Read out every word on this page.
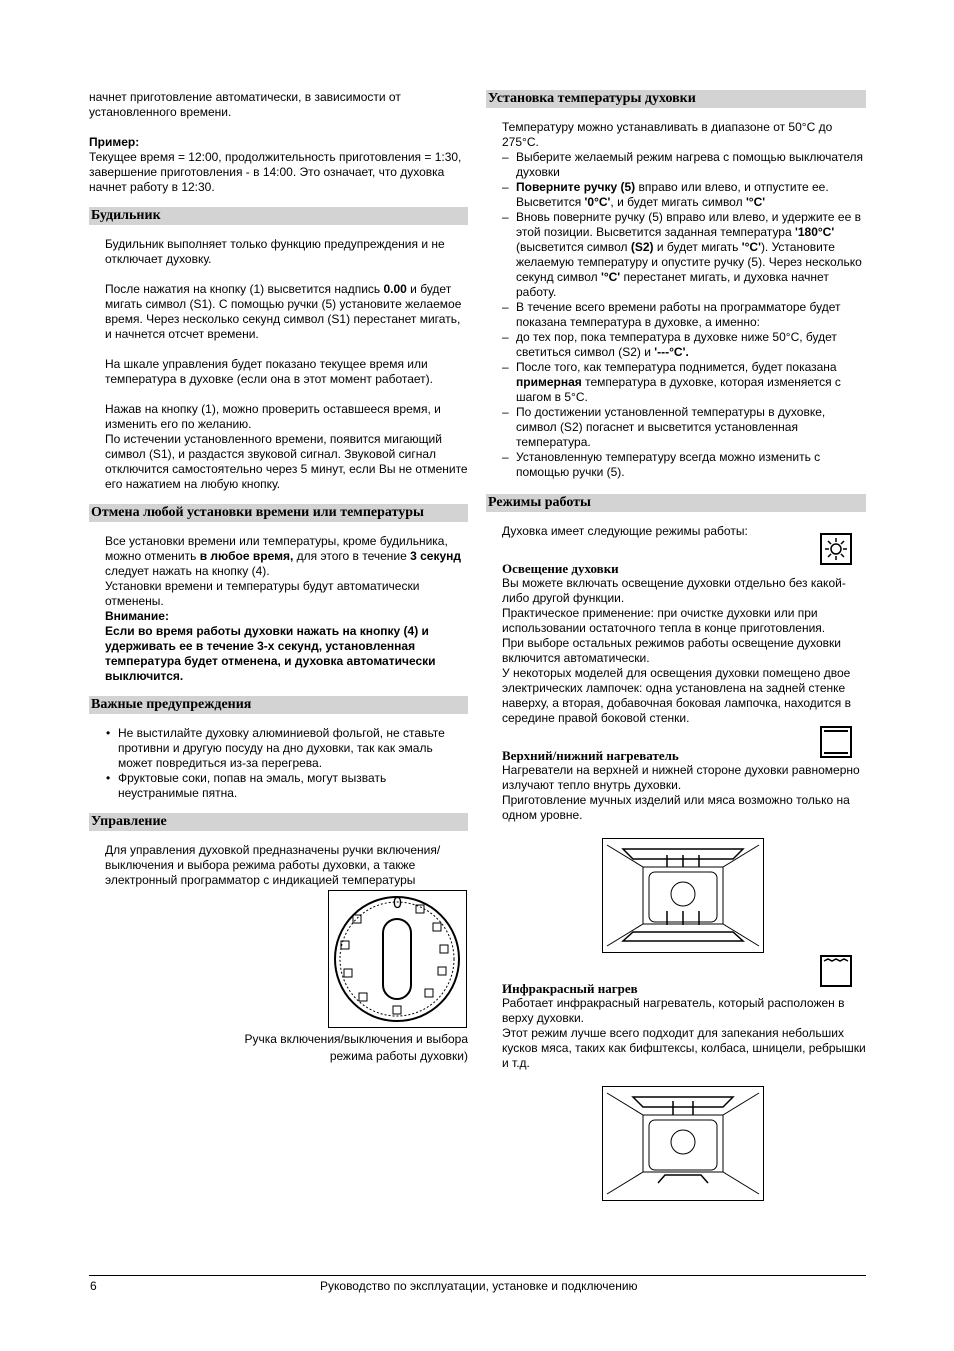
начнет приготовление автоматически, в зависимости от установленного времени.

Пример:

Текущее время = 12:00, продолжительность приготовления = 1:30, завершение приготовления - в 14:00. Это означает, что духовка начнет работу в 12:30.

Будильник

Будильник выполняет только функцию предупреждения и не отключает духовку.

После нажатия на кнопку (1) высветится надпись 0.00 и будет мигать символ (S1). С помощью ручки (5) установите желаемое время. Через несколько секунд символ (S1) перестанет мигать, и начнется отсчет времени.

На шкале управления будет показано текущее время или температура в духовке (если она в этот момент работает).

Нажав на кнопку (1), можно проверить оставшееся время, и изменить его по желанию.

По истечении установленного времени, появится мигающий символ (S1), и раздастся звуковой сигнал. Звуковой сигнал отключится самостоятельно через 5 минут, если Вы не отмените его нажатием на любую кнопку.

Отмена любой установки времени или температуры

Все установки времени или температуры, кроме будильника, можно отменить в любое время, для этого в течение 3 секунд следует нажать на кнопку (4).

Установки времени и температуры будут автоматически отменены.

Внимание:

Если во время работы духовки нажать на кнопку (4) и удерживать ее в течение 3-х секунд, установленная температура будет отменена, и духовка автоматически выключится.

Важные предупреждения
• Не выстилайте духовку алюминиевой фольгой, не ставьте противни и другую посуду на дно духовки, так как эмаль может повредиться из-за перегрева.
• Фруктовые соки, попав на эмаль, могут вызвать неустранимые пятна.
Управление

Для управления духовкой предназначены ручки включения/выключения и выбора режима работы духовки, а также электронный программатор с индикацией температуры

0

Ручка включения/выключения и выбора

режима работы духовки)

Установка температуры духовки

Температуру можно устанавливать в диапазоне от 50°С до 275°С.

– Выберите желаемый режим нагрева с помощью выключателя духовки
– Поверните ручку (5) вправо или влево, и отпустите ее. Высветится '0°C', и будет мигать символ '°C'
– Вновь поверните ручку (5) вправо или влево, и удержите ее в этой позиции. Высветится заданная температура '180°C' (высветится символ (S2) и будет мигать '°C'). Установите желаемую температуру и опустите ручку (5). Через несколько секунд символ '°C' перестанет мигать, и духовка начнет работу.
– В течение всего времени работы на программаторе будет показана температура в духовке, а именно:
– до тех пор, пока температура в духовке ниже 50°C, будет светиться символ (S2) и '---°C'.
– После того, как температура поднимется, будет показана примерная температура в духовке, которая изменяется с шагом в 5°С.
– По достижении установленной температуры в духовке, символ (S2) погаснет и высветится установленная температура.
– Установленную температуру всегда можно изменить с помощью ручки (5).
Режимы работы

Духовка имеет следующие режимы работы:

Освещение духовки

Вы можете включать освещение духовки отдельно без какой-либо другой функции.

Практическое применение: при очистке духовки или при использовании остаточного тепла в конце приготовления.

При выборе остальных режимов работы освещение духовки включится автоматически.

У некоторых моделей для освещения духовки помещено двое электрических лампочек: одна установлена на задней стенке наверху, а вторая, добавочная боковая лампочка, находится в середине правой боковой стенки.

Верхний/нижний нагреватель

Нагреватели на верхней и нижней стороне духовки равномерно излучают тепло внутрь духовки.

Приготовление мучных изделий или мяса возможно только на одном уровне.

Инфракрасный нагрев

Работает инфракрасный нагреватель, который расположен в верху духовки.

Этот режим лучше всего подходит для запекания небольших кусков мяса, таких как бифштексы, колбаса, шницели, ребрышки и т.д.

6	Руководство по эксплуатации, установке и подключению
